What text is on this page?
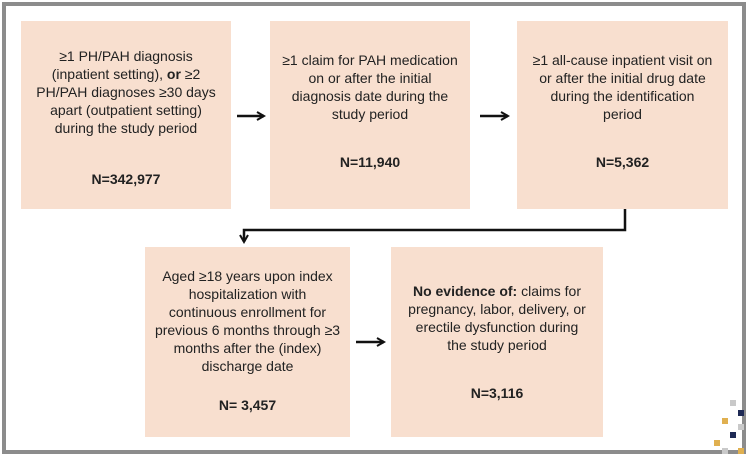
≥1 PH/PAH diagnosis
(inpatient setting), or ≥2
PH/PAH diagnoses ≥30 days
apart (outpatient setting)
during the study period
N=342,977
≥1 claim for PAH medication
on or after the initial
diagnosis date during the
study period
N=11,940
≥1 all-cause inpatient visit on
or after the initial drug date
during the identification
period
N=5,362
Aged ≥18 years upon index
hospitalization with
continuous enrollment for
previous 6 months through ≥3
months after the (index)
discharge date
N= 3,457
No evidence of: claims for
pregnancy, labor, delivery, or
erectile dysfunction during
the study period
N=3,116
